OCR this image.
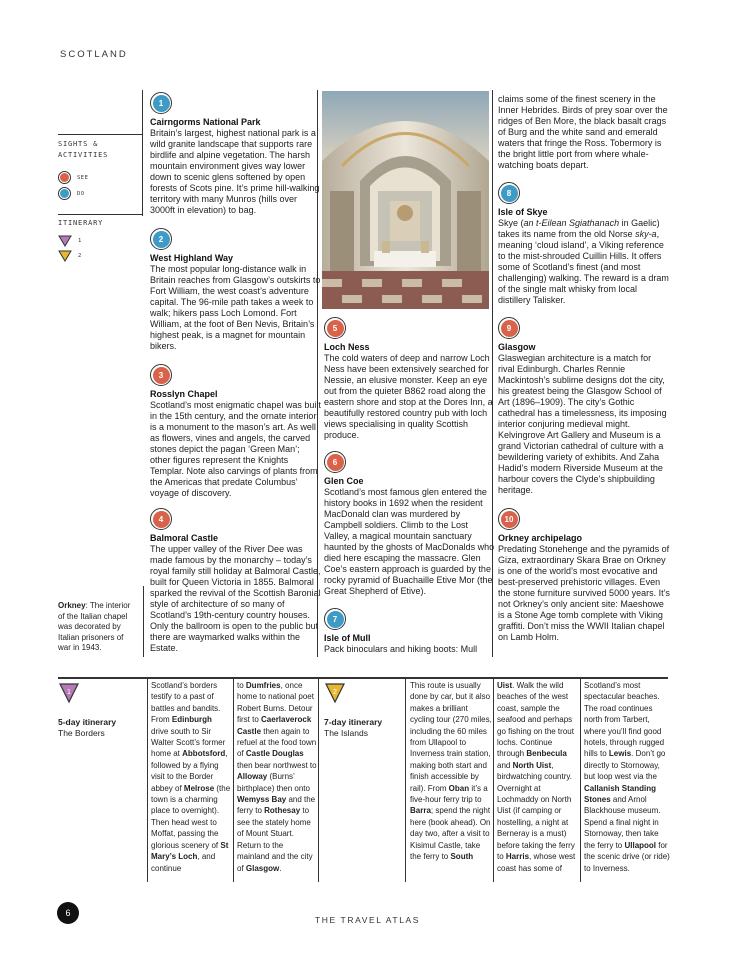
SCOTLAND
SIGHTS & ACTIVITIES
SEE
DO
ITINERARY
1
2
Orkney: The interior of the Italian chapel was decorated by Italian prisoners of war in 1943.
1
Cairngorms National Park
Britain’s largest, highest national park is a wild granite landscape that supports rare birdlife and alpine vegetation. The harsh mountain environment gives way lower down to scenic glens softened by open forests of Scots pine. It’s prime hill-walking territory with many Munros (hills over 3000ft in elevation) to bag.
2
West Highland Way
The most popular long-distance walk in Britain reaches from Glasgow’s outskirts to Fort William, the west coast’s adventure capital. The 96-mile path takes a week to walk; hikers pass Loch Lomond. Fort William, at the foot of Ben Nevis, Britain’s highest peak, is a magnet for mountain bikers.
3
Rosslyn Chapel
Scotland’s most enigmatic chapel was built in the 15th century, and the ornate interior is a monument to the mason’s art. As well as flowers, vines and angels, the carved stones depict the pagan ‘Green Man’; other figures represent the Knights Templar. Note also carvings of plants from the Americas that predate Columbus’ voyage of discovery.
4
Balmoral Castle
The upper valley of the River Dee was made famous by the monarchy – today’s royal family still holiday at Balmoral Castle, built for Queen Victoria in 1855. Balmoral sparked the revival of the Scottish Baronial style of architecture of so many of Scotland’s 19th-century country houses. Only the ballroom is open to the public but there are waymarked walks within the Estate.
5
Loch Ness
The cold waters of deep and narrow Loch Ness have been extensively searched for Nessie, an elusive monster. Keep an eye out from the quieter B862 road along the eastern shore and stop at the Dores Inn, a beautifully restored country pub with loch views specialising in quality Scottish produce.
6
Glen Coe
Scotland’s most famous glen entered the history books in 1692 when the resident MacDonald clan was murdered by Campbell soldiers. Climb to the Lost Valley, a magical mountain sanctuary haunted by the ghosts of MacDonalds who died here escaping the massacre. Glen Coe’s eastern approach is guarded by the rocky pyramid of Buachaille Etive Mor (the Great Shepherd of Etive).
7
Isle of Mull
Pack binoculars and hiking boots: Mull
claims some of the finest scenery in the Inner Hebrides. Birds of prey soar over the ridges of Ben More, the black basalt crags of Burg and the white sand and emerald waters that fringe the Ross. Tobermory is the bright little port from where whale-watching boats depart.
8
Isle of Skye
Skye (an t-Eilean Sgiathanach in Gaelic) takes its name from the old Norse sky-a, meaning ‘cloud island’, a Viking reference to the mist-shrouded Cuillin Hills. It offers some of Scotland’s finest (and most challenging) walking. The reward is a dram of the single malt whisky from local distillery Talisker.
9
Glasgow
Glaswegian architecture is a match for rival Edinburgh. Charles Rennie Mackintosh’s sublime designs dot the city, his greatest being the Glasgow School of Art (1896–1909). The city’s Gothic cathedral has a timelessness, its imposing interior conjuring medieval might. Kelvingrove Art Gallery and Museum is a grand Victorian cathedral of culture with a bewildering variety of exhibits. And Zaha Hadid’s modern Riverside Museum at the harbour covers the Clyde’s shipbuilding heritage.
10
Orkney archipelago
Predating Stonehenge and the pyramids of Giza, extraordinary Skara Brae on Orkney is one of the world’s most evocative and best-preserved prehistoric villages. Even the stone furniture survived 5000 years. It’s not Orkney’s only ancient site: Maeshowe is a Stone Age tomb complete with Viking graffiti. Don’t miss the WWII Italian chapel on Lamb Holm.
1
5-day itinerary
The Borders
Scotland’s borders testify to a past of battles and bandits. From Edinburgh drive south to Sir Walter Scott’s former home at Abbotsford, followed by a flying visit to the Border abbey of Melrose (the town is a charming place to overnight). Then head west to Moffat, passing the glorious scenery of St Mary’s Loch, and continue
to Dumfries, once home to national poet Robert Burns. Detour first to Caerlaverock Castle then again to refuel at the food town of Castle Douglas then bear northwest to Alloway (Burns’ birthplace) then onto Wemyss Bay and the ferry to Rothesay to see the stately home of Mount Stuart. Return to the mainland and the city of Glasgow.
2
7-day itinerary
The Islands
This route is usually done by car, but it also makes a brilliant cycling tour (270 miles, including the 60 miles from Ullapool to Inverness train station, making both start and finish accessible by rail). From Oban it’s a five-hour ferry trip to Barra; spend the night here (book ahead). On day two, after a visit to Kisimul Castle, take the ferry to South
Uist. Walk the wild beaches of the west coast, sample the seafood and perhaps go fishing on the trout lochs. Continue through Benbecula and North Uist, birdwatching country. Overnight at Lochmaddy on North Uist (if camping or hostelling, a night at Berneray is a must) before taking the ferry to Harris, whose west coast has some of
Scotland’s most spectacular beaches. The road continues north from Tarbert, where you’ll find good hotels, through rugged hills to Lewis. Don’t go directly to Stornoway, but loop west via the Callanish Standing Stones and Arnol Blackhouse museum. Spend a final night in Stornoway, then take the ferry to Ullapool for the scenic drive (or ride) to Inverness.
6
THE TRAVEL ATLAS
